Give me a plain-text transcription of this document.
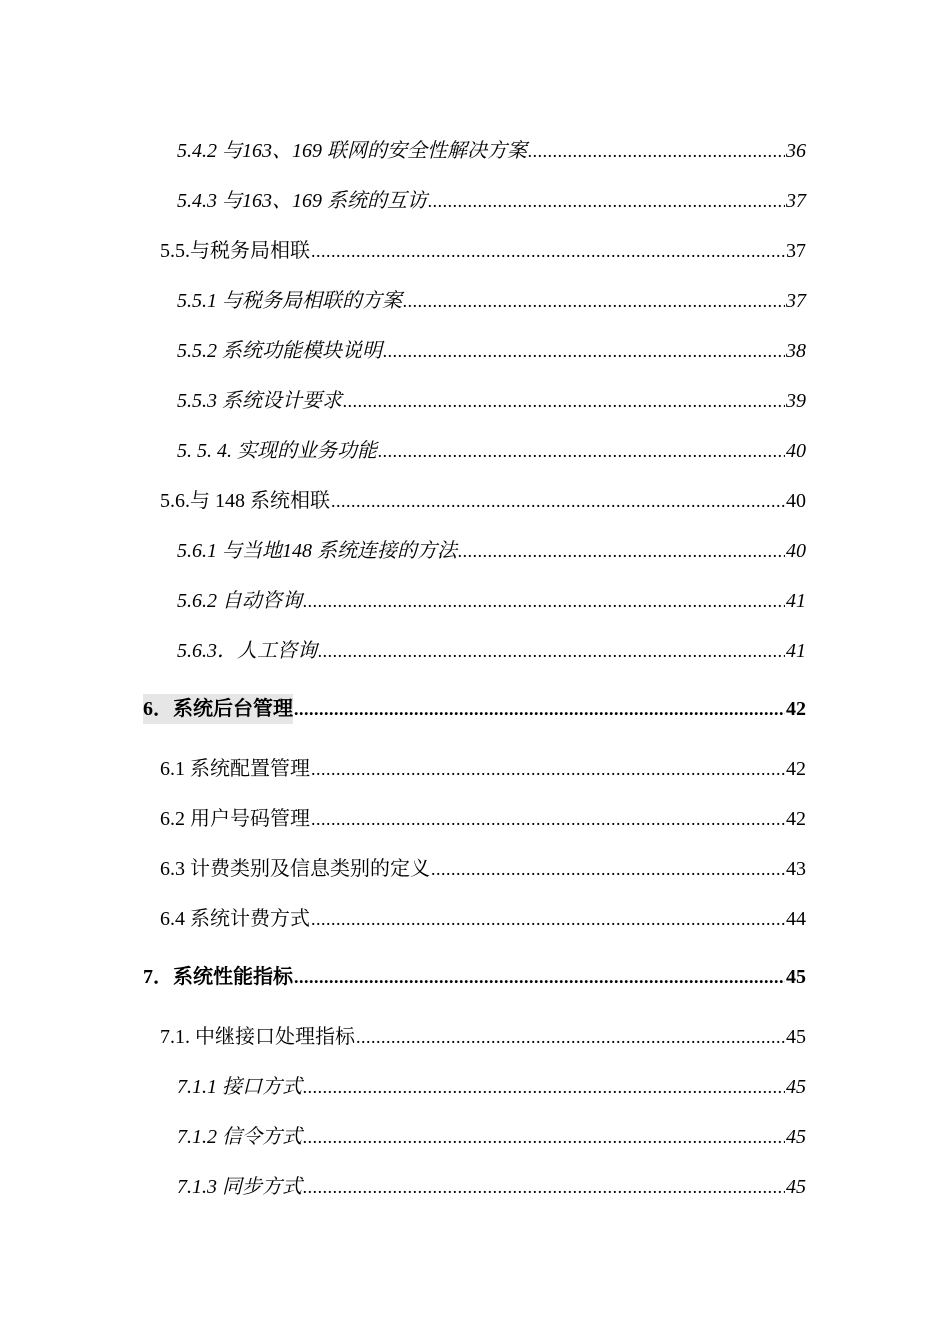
5.4.2 与163、169 联网的安全性解决方案 .....	36
5.4.3 与163、169 系统的互访 .....	37
5.5.与税务局相联 .....	37
5.5.1 与税务局相联的方案 .....	37
5.5.2 系统功能模块说明 .....	38
5.5.3 系统设计要求 .....	39
5. 5. 4. 实现的业务功能 .....	40
5.6.与 148 系统相联 .....	40
5.6.1 与当地148 系统连接的方法 .....	40
5.6.2 自动咨询 .....	41
5.6.3．人工咨询 .....	41
6．系统后台管理 .....	42
6.1 系统配置管理 .....	42
6.2 用户号码管理 .....	42
6.3 计费类别及信息类别的定义 .....	43
6.4 系统计费方式 .....	44
7．系统性能指标 .....	45
7.1. 中继接口处理指标 .....	45
7.1.1 接口方式 .....	45
7.1.2 信令方式 .....	45
7.1.3 同步方式 .....	45
